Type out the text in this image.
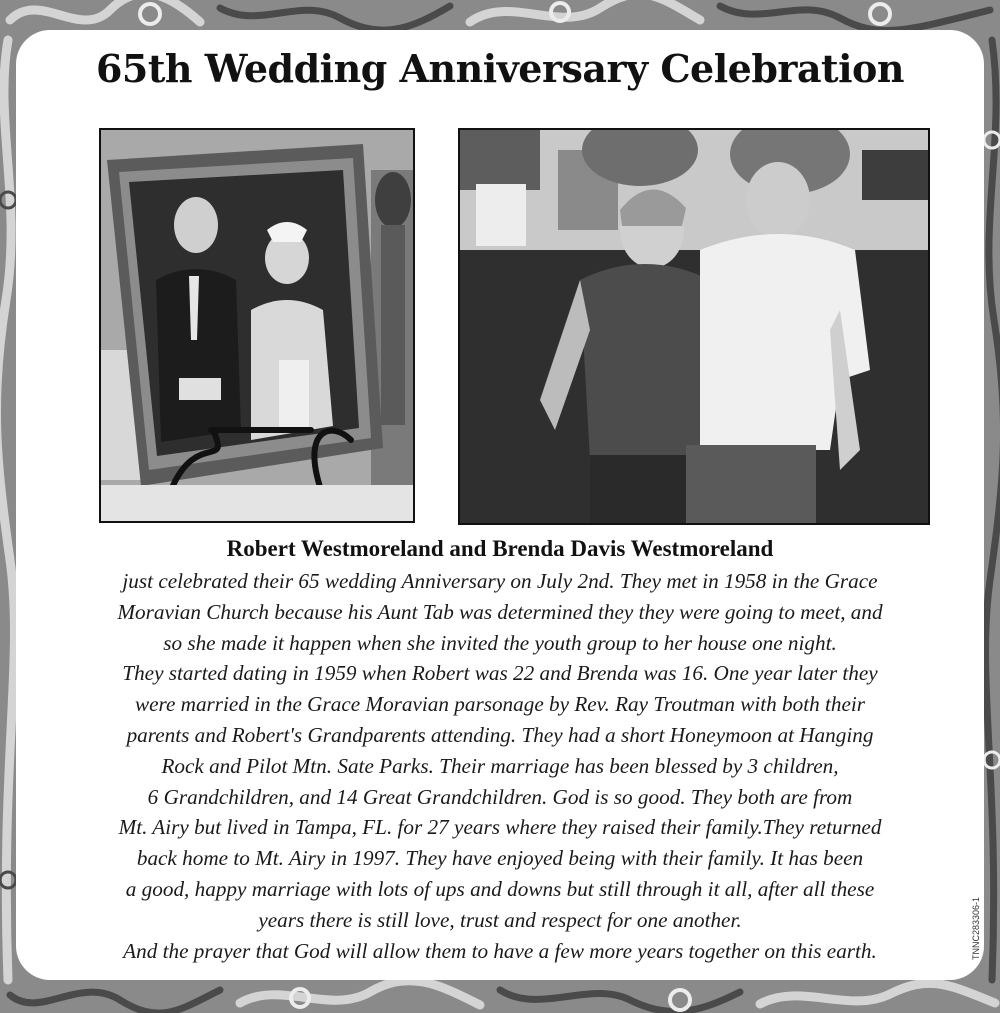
65th Wedding Anniversary Celebration
Robert Westmoreland and Brenda Davis Westmoreland
just celebrated their 65 wedding Anniversary on July 2nd. They met in 1958 in the Grace
Moravian Church because his Aunt Tab was determined they they were going to meet, and
so she made it happen when she invited the youth group to her house one night.
They started dating in 1959 when Robert was 22 and Brenda was 16. One year later they
were married in the Grace Moravian parsonage by Rev. Ray Troutman with both their
parents and Robert's Grandparents attending. They had a short Honeymoon at Hanging
Rock and Pilot Mtn. Sate Parks. Their marriage has been blessed by 3 children,
6 Grandchildren, and 14 Great Grandchildren. God is so good. They both are from
Mt. Airy but lived in Tampa, FL. for 27 years where they raised their family.They returned
back home to Mt. Airy in 1997. They have enjoyed being with their family. It has been
a good, happy marriage with lots of ups and downs but still through it all, after all these
years there is still love, trust and respect for one another.
And the prayer that God will allow them to have a few more years together on this earth.	TNNC283306-1
